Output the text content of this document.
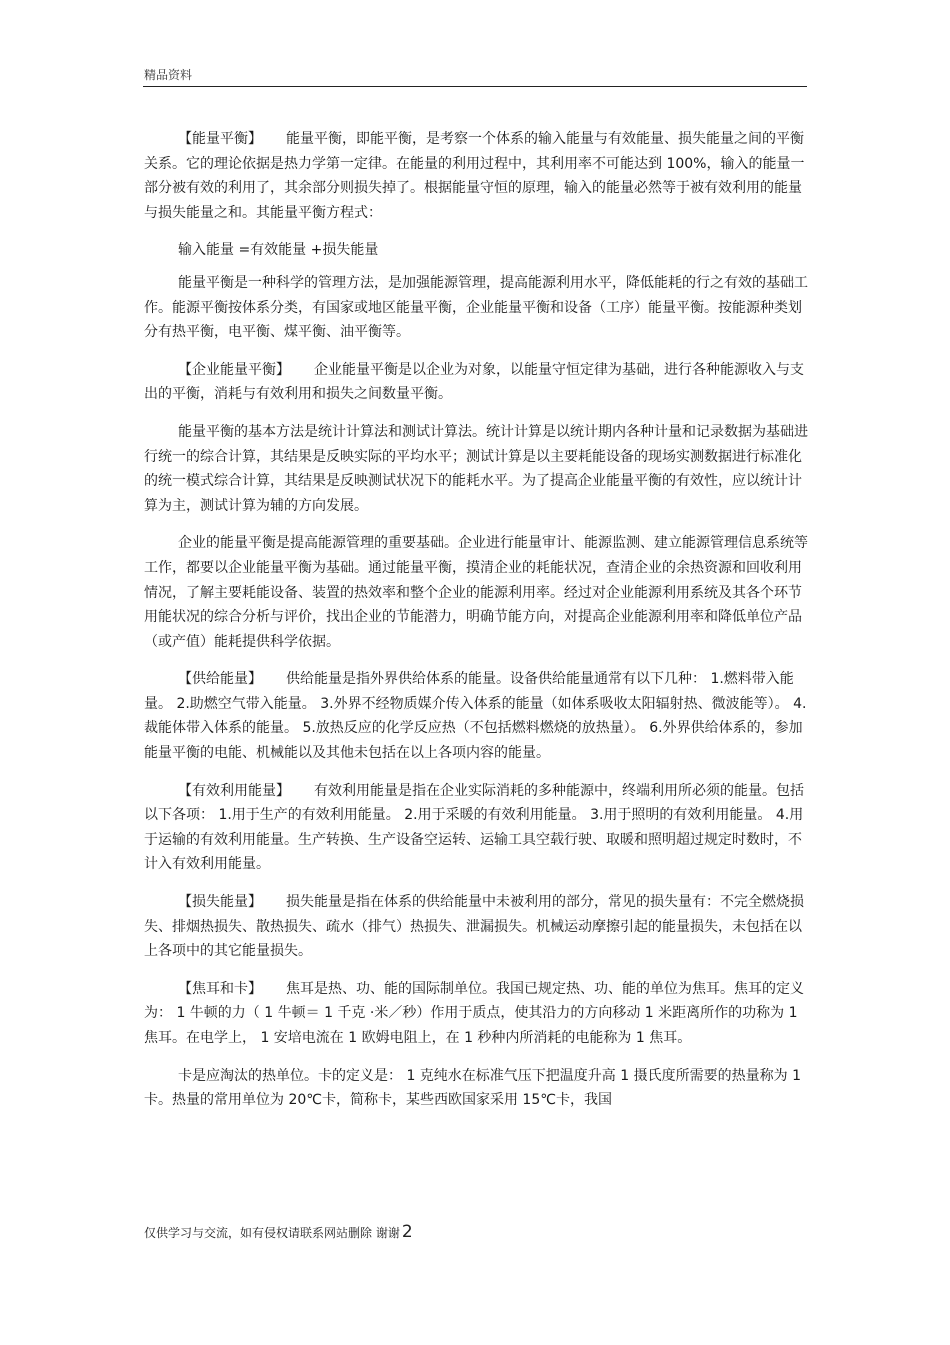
精品资料

【能量平衡】 能量平衡，即能平衡，是考察一个体系的输入能量与有效能量、损失能量之间的平衡关系。它的理论依据是热力学第一定律。在能量的利用过程中，其利用率不可能达到 100%，输入的能量一部分被有效的利用了，其余部分则损失掉了。根据能量守恒的原理，输入的能量必然等于被有效利用的能量与损失能量之和。其能量平衡方程式：

输入能量 =有效能量 +损失能量

能量平衡是一种科学的管理方法，是加强能源管理，提高能源利用水平，降低能耗的行之有效的基础工作。能源平衡按体系分类，有国家或地区能量平衡，企业能量平衡和设备（工序）能量平衡。按能源种类划分有热平衡，电平衡、煤平衡、油平衡等。

【企业能量平衡】 企业能量平衡是以企业为对象，以能量守恒定律为基础，进行各种能源收入与支出的平衡，消耗与有效利用和损失之间数量平衡。

能量平衡的基本方法是统计计算法和测试计算法。统计计算是以统计期内各种计量和记录数据为基础进行统一的综合计算，其结果是反映实际的平均水平；测试计算是以主要耗能设备的现场实测数据进行标准化的统一模式综合计算，其结果是反映测试状况下的能耗水平。为了提高企业能量平衡的有效性，应以统计计算为主，测试计算为辅的方向发展。

企业的能量平衡是提高能源管理的重要基础。企业进行能量审计、能源监测、建立能源管理信息系统等工作，都要以企业能量平衡为基础。通过能量平衡，摸清企业的耗能状况，查清企业的余热资源和回收利用情况，了解主要耗能设备、装置的热效率和整个企业的能源利用率。经过对企业能源利用系统及其各个环节用能状况的综合分析与评价，找出企业的节能潜力，明确节能方向，对提高企业能源利用率和降低单位产品（或产值）能耗提供科学依据。

【供给能量】 供给能量是指外界供给体系的能量。设备供给能量通常有以下几种： 1.燃料带入能量。 2.助燃空气带入能量。 3.外界不经物质媒介传入体系的能量（如体系吸收太阳辐射热、微波能等）。 4.裁能体带入体系的能量。 5.放热反应的化学反应热（不包括燃料燃烧的放热量）。 6.外界供给体系的，参加能量平衡的电能、机械能以及其他未包括在以上各项内容的能量。

【有效利用能量】 有效利用能量是指在企业实际消耗的多种能源中，终端利用所必须的能量。包括以下各项： 1.用于生产的有效利用能量。 2.用于采暖的有效利用能量。 3.用于照明的有效利用能量。 4.用于运输的有效利用能量。生产转换、生产设备空运转、运输工具空载行驶、取暖和照明超过规定时数时，不计入有效利用能量。

【损失能量】 损失能量是指在体系的供给能量中未被利用的部分，常见的损失量有：不完全燃烧损失、排烟热损失、散热损失、疏水（排气）热损失、泄漏损失。机械运动摩擦引起的能量损失，未包括在以上各项中的其它能量损失。

【焦耳和卡】 焦耳是热、功、能的国际制单位。我国已规定热、功、能的单位为焦耳。焦耳的定义为： 1 牛顿的力（ 1 牛顿＝ 1 千克 ·米／秒）作用于质点，使其沿力的方向移动 1 米距离所作的功称为 1 焦耳。在电学上， 1 安培电流在 1 欧姆电阻上，在 1 秒种内所消耗的电能称为 1 焦耳。

卡是应淘汰的热单位。卡的定义是： 1 克纯水在标准气压下把温度升高 1 摄氏度所需要的热量称为 1 卡。热量的常用单位为 20℃卡，简称卡，某些西欧国家采用 15℃卡，我国

仅供学习与交流，如有侵权请联系网站删除 谢谢 2
